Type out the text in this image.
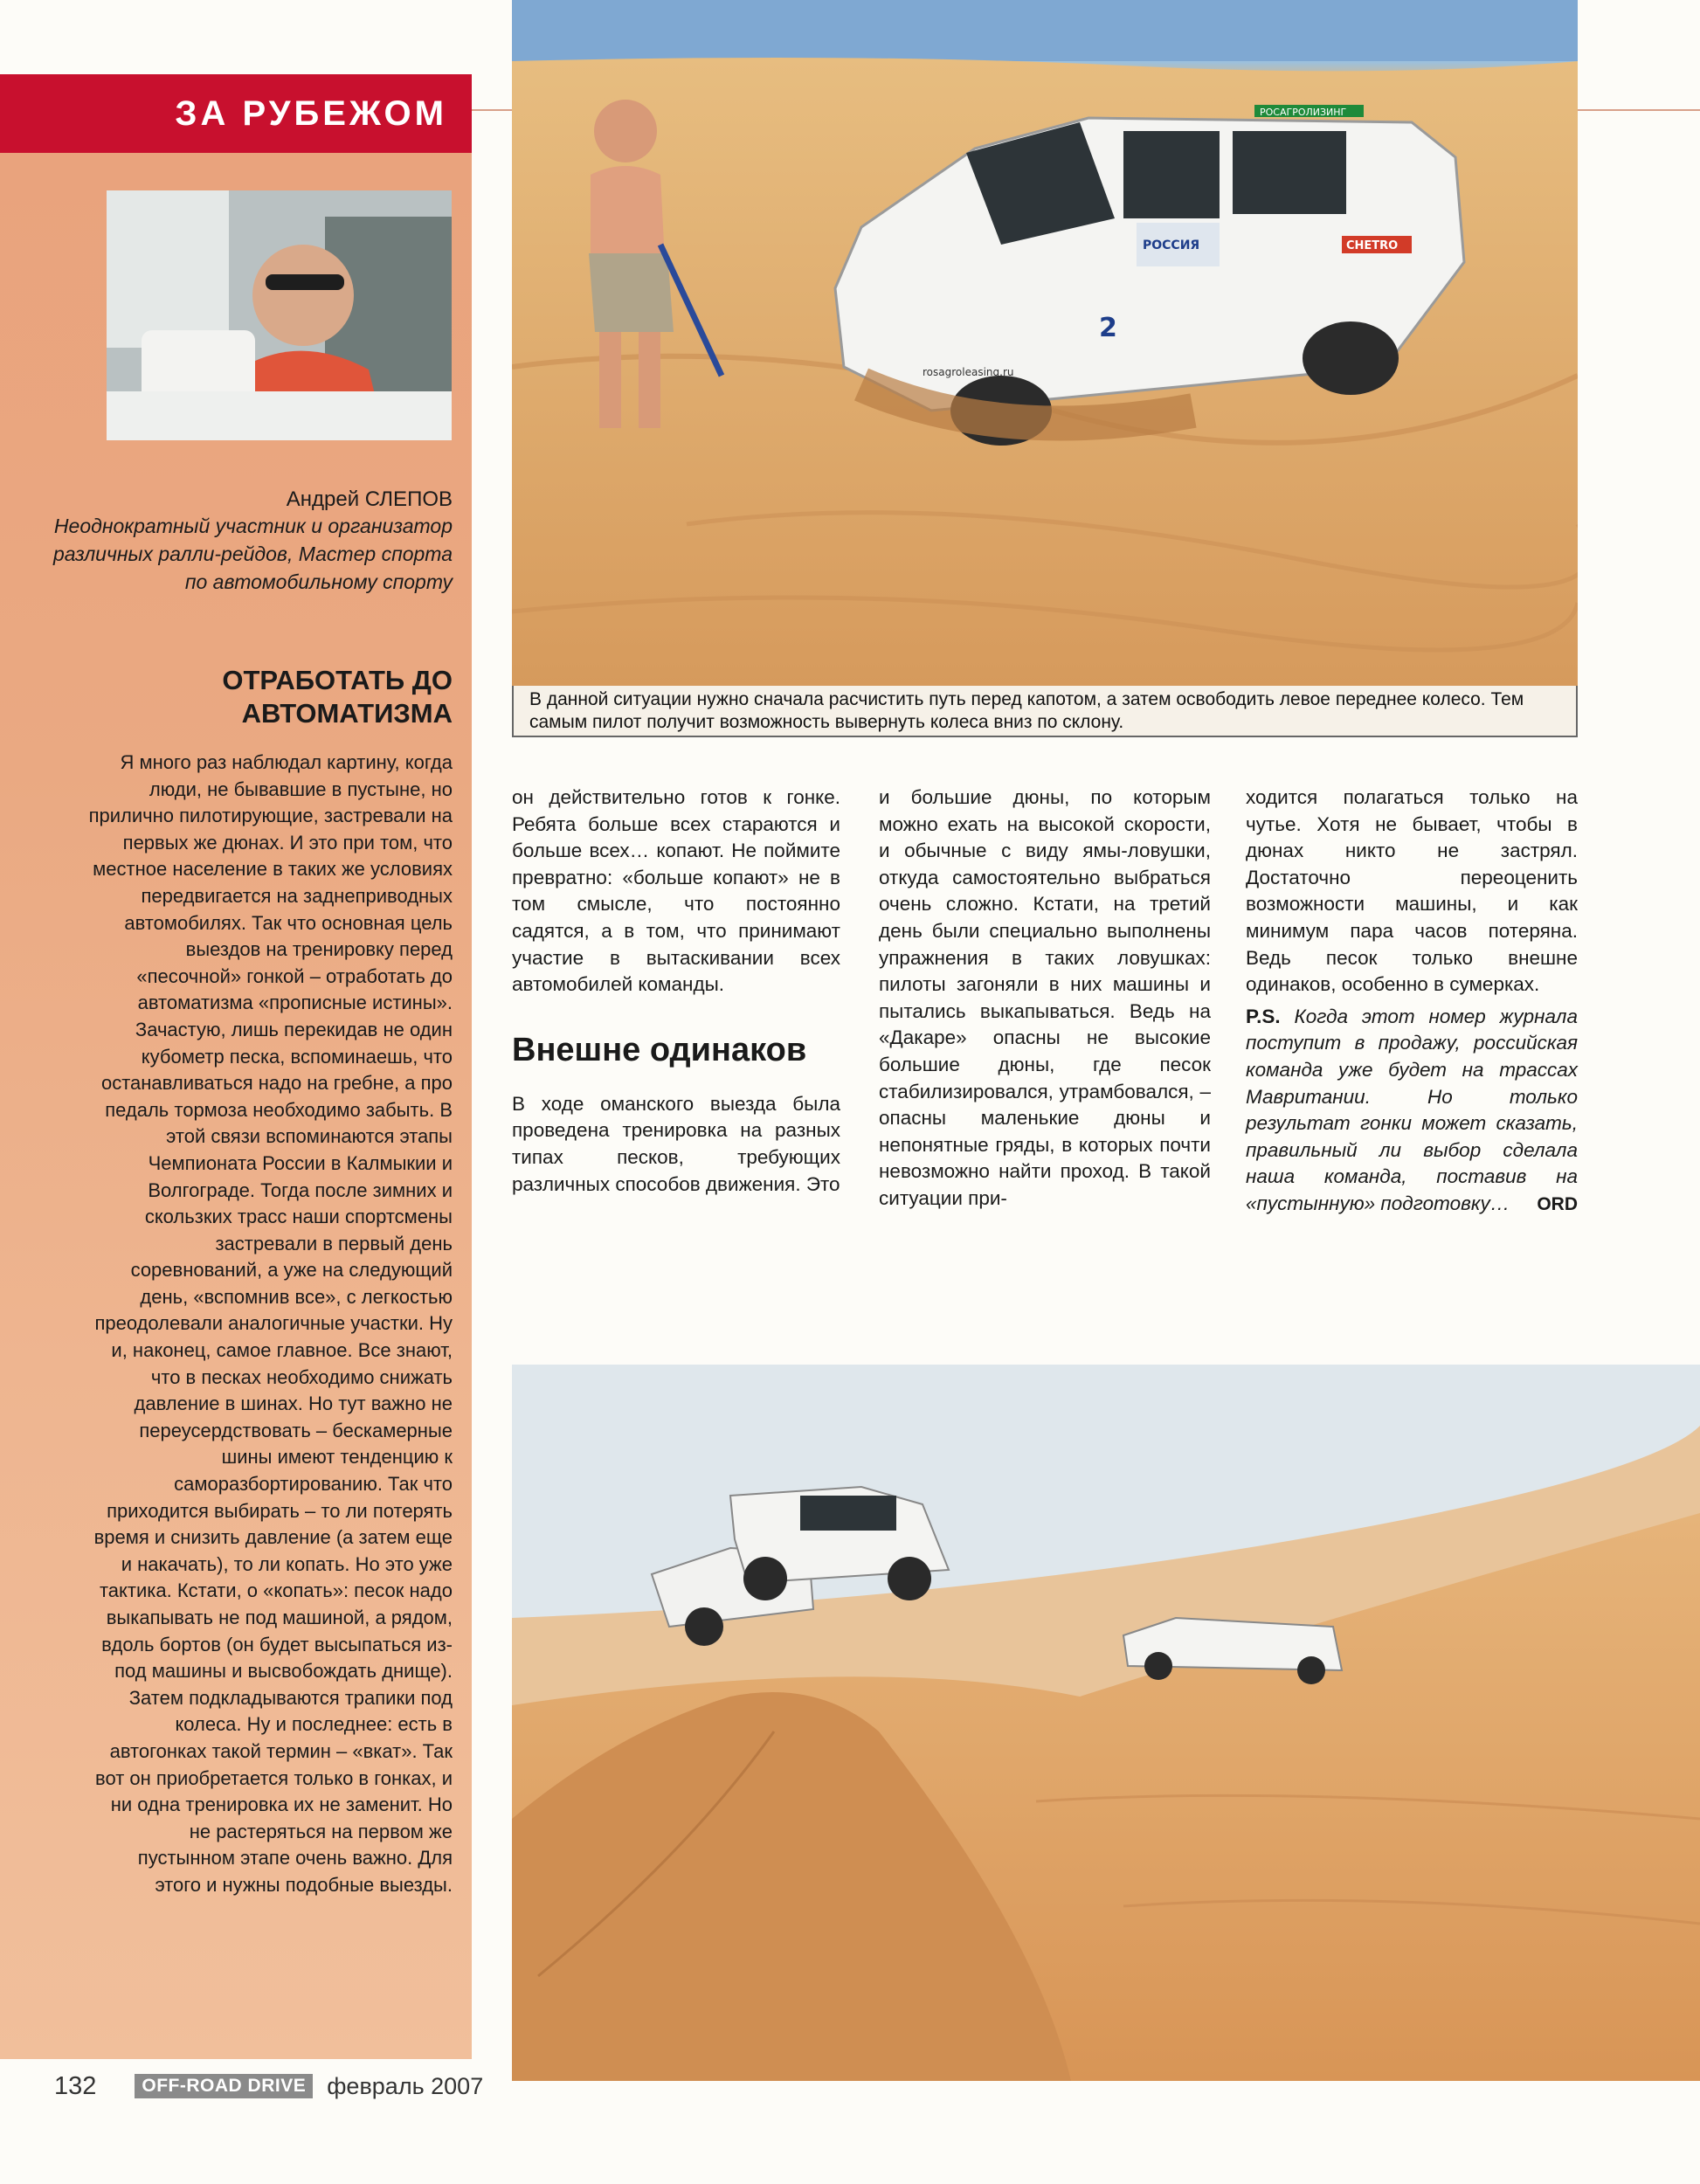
ЗА РУБЕЖОМ
Андрей СЛЕПОВ
Неоднократный участник и организатор различных ралли-рейдов, Мастер спорта по автомобильному спорту
ОТРАБОТАТЬ ДО АВТОМАТИЗМА
Я много раз наблюдал картину, когда люди, не бывавшие в пустыне, но прилично пилотирующие, застревали на первых же дюнах. И это при том, что местное население в таких же условиях передвигается на заднеприводных автомобилях. Так что основная цель выездов на тренировку перед «песочной» гонкой – отработать до автоматизма «прописные истины». Зачастую, лишь перекидав не один кубометр песка, вспоминаешь, что останавливаться надо на гребне, а про педаль тормоза необходимо забыть. В этой связи вспоминаются этапы Чемпионата России в Калмыкии и Волгограде. Тогда после зимних и скользких трасс наши спортсмены застревали в первый день соревнований, а уже на следующий день, «вспомнив все», с легкостью преодолевали аналогичные участки. Ну и, наконец, самое главное. Все знают, что в песках необходимо снижать давление в шинах. Но тут важно не переусердствовать – бескамерные шины имеют тенденцию к саморазбортированию. Так что приходится выбирать – то ли потерять время и снизить давление (а затем еще и накачать), то ли копать. Но это уже тактика. Кстати, о «копать»: песок надо выкапывать не под машиной, а рядом, вдоль бортов (он будет высыпаться из-под машины и высвобождать днище). Затем подкладываются трапики под колеса. Ну и последнее: есть в автогонках такой термин – «вкат». Так вот он приобретается только в гонках, и ни одна тренировка их не заменит. Но не растеряться на первом же пустынном этапе очень важно. Для этого и нужны подобные выезды.
РОСАГРОЛИЗИНГ
РОССИЯ
2
rosagroleasing.ru
CHETRO
В данной ситуации нужно сначала расчистить путь перед капотом, а затем освободить левое переднее колесо. Тем самым пилот получит возможность вывернуть колеса вниз по склону.

он действительно готов к гонке. Ребята больше всех стараются и больше всех… копают. Не поймите превратно: «больше копают» не в том смысле, что постоянно садятся, а в том, что принимают участие в вытаскивании всех автомобилей команды.

Внешне одинаков

В ходе оманского выезда была проведена тренировка на разных типах песков, требующих различных способов движения. Это

и большие дюны, по которым можно ехать на высокой скорости, и обычные с виду ямы-ловушки, откуда самостоятельно выбраться очень сложно. Кстати, на третий день были специально выполнены упражнения в таких ловушках: пилоты загоняли в них машины и пытались выкапываться. Ведь на «Дакаре» опасны не высокие большие дюны, где песок стабилизировался, утрамбовался, – опасны маленькие дюны и непонятные гряды, в которых почти невозможно найти проход. В такой ситуации при-

ходится полагаться только на чутье. Хотя не бывает, чтобы в дюнах никто не застрял. Достаточно переоценить возможности машины, и как минимум пара часов потеряна. Ведь песок только внешне одинаков, особенно в сумерках.

P.S. Когда этот номер журнала поступит в продажу, российская команда уже будет на трассах Мавритании. Но только результат гонки может сказать, правильный ли выбор сделала наша команда, поставив на «пустынную» подготовку…	ORD
132	OFF-ROAD DRIVE февраль 2007
